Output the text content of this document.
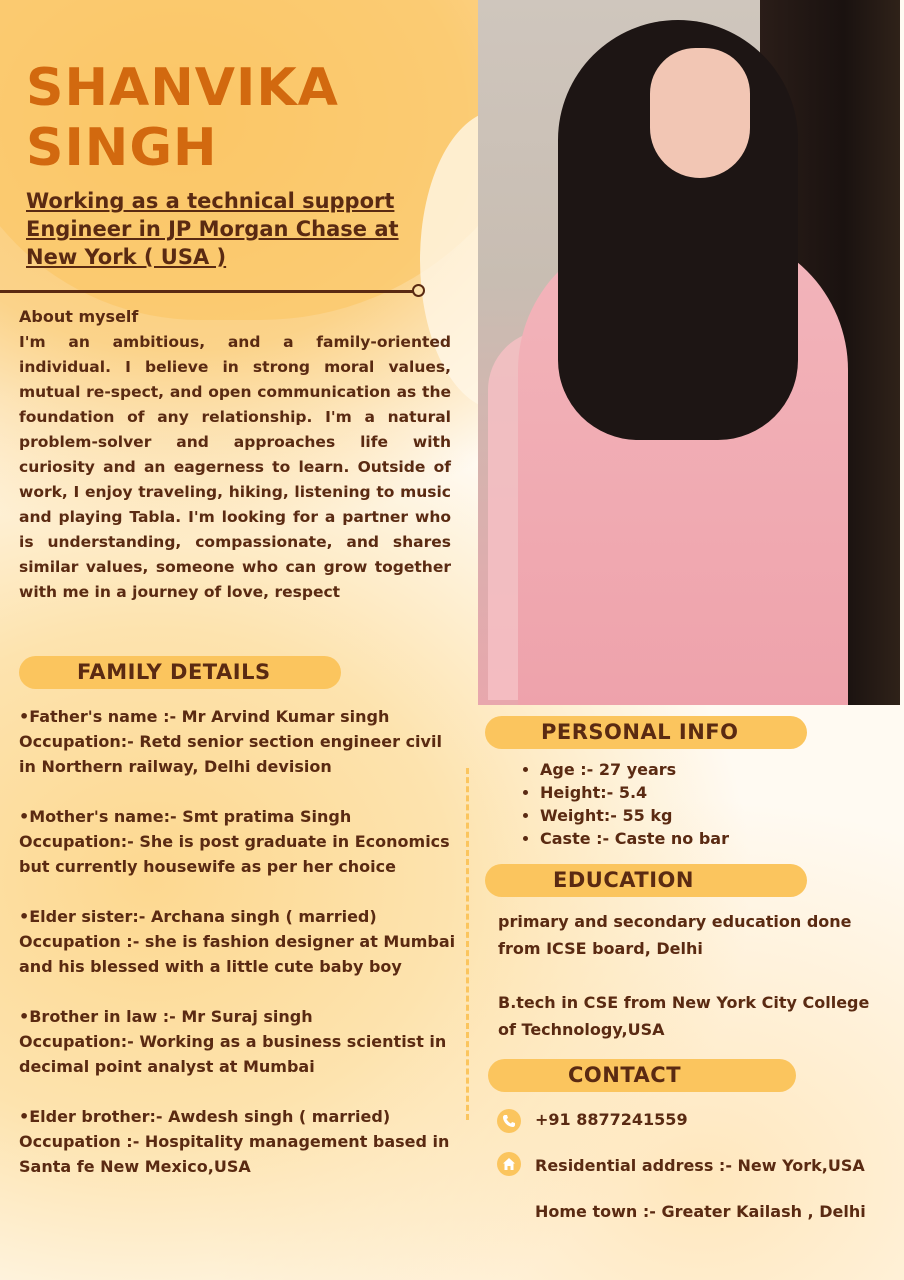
SHANVIKA
SINGH

Working as a technical support
Engineer in JP Morgan Chase at
New York ( USA )

About myself

I'm an ambitious, and a family-oriented individual. I believe in strong moral values, mutual re-spect, and open communication as the foundation of any relationship. I'm a natural problem-solver and approaches life with curiosity and an eagerness to learn. Outside of work, I enjoy traveling, hiking, listening to music and playing Tabla. I'm looking for a partner who is understanding, compassionate, and shares similar values, someone who can grow together with me in a journey of love, respect

FAMILY DETAILS

•Father's name :- Mr Arvind Kumar singh

Occupation:- Retd senior section engineer civil in Northern railway, Delhi devision

•Mother's name:- Smt pratima Singh

Occupation:- She is post graduate in Economics but currently housewife as per her choice

•Elder sister:- Archana singh ( married)

Occupation :- she is fashion designer at Mumbai and his blessed with a little cute baby boy

•Brother in law :- Mr Suraj singh

Occupation:- Working as a business scientist in decimal point analyst at Mumbai

•Elder brother:- Awdesh singh ( married)

Occupation :- Hospitality management based in Santa fe New Mexico,USA

PERSONAL INFO
• Age :- 27 years
• Height:- 5.4
• Weight:- 55 kg
• Caste :- Caste no bar
EDUCATION

primary and secondary education done from ICSE board, Delhi

B.tech in CSE from New York City College of Technology,USA

CONTACT
+91 8877241559
Residential address :- New York,USA
Home town :- Greater Kailash , Delhi
